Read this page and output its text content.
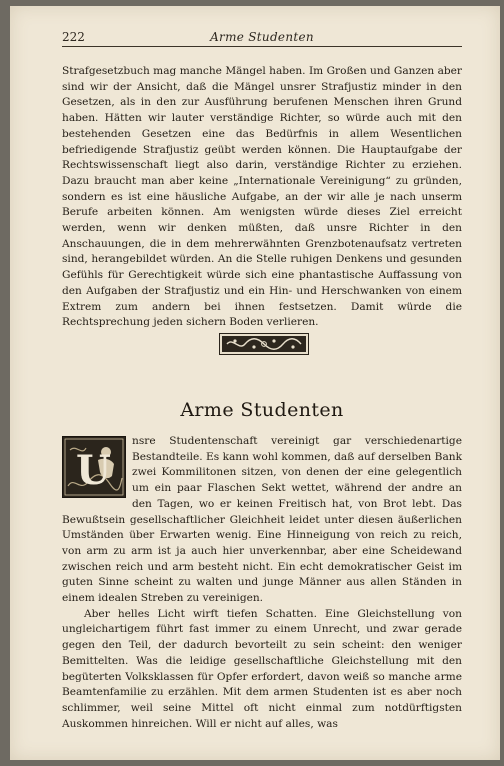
222	Arme Studenten
Strafgesetzbuch mag manche Mängel haben. Im Großen und Ganzen aber sind wir der Ansicht, daß die Mängel unsrer Strafjustiz minder in den Gesetzen, als in den zur Ausführung berufenen Menschen ihren Grund haben. Hätten wir lauter verständige Richter, so würde auch mit den bestehenden Gesetzen eine das Bedürfnis in allem Wesentlichen befriedigende Strafjustiz geübt werden können. Die Hauptaufgabe der Rechtswissenschaft liegt also darin, verständige Richter zu erziehen. Dazu braucht man aber keine „Internationale Vereinigung“ zu gründen, sondern es ist eine häusliche Aufgabe, an der wir alle je nach unserm Berufe arbeiten können. Am wenigsten würde dieses Ziel erreicht werden, wenn wir denken müßten, daß unsre Richter in den Anschauungen, die in dem mehrerwähnten Grenzbotenaufsatz vertreten sind, herangebildet würden. An die Stelle ruhigen Denkens und gesunden Gefühls für Gerechtigkeit würde sich eine phantastische Auffassung von den Aufgaben der Strafjustiz und ein Hin- und Herschwanken von einem Extrem zum andern bei ihnen festsetzen. Damit würde die Rechtsprechung jeden sichern Boden verlieren.
Arme Studenten
U

nsre Studentenschaft vereinigt gar verschiedenartige Bestandteile. Es kann wohl kommen, daß auf derselben Bank zwei Kommilitonen sitzen, von denen der eine gelegentlich um ein paar Flaschen Sekt wettet, während der andre an den Tagen, wo er keinen Freitisch hat, von Brot lebt. Das Bewußtsein gesellschaftlicher Gleichheit leidet unter diesen äußerlichen Umständen über Erwarten wenig. Eine Hinneigung von reich zu reich, von arm zu arm ist ja auch hier unverkennbar, aber eine Scheidewand zwischen reich und arm besteht nicht. Ein echt demokratischer Geist im guten Sinne scheint zu walten und junge Männer aus allen Ständen in einem idealen Streben zu vereinigen.

Aber helles Licht wirft tiefen Schatten. Eine Gleichstellung von ungleichartigem führt fast immer zu einem Unrecht, und zwar gerade gegen den Teil, der dadurch bevorteilt zu sein scheint: den weniger Bemittelten. Was die leidige gesellschaftliche Gleichstellung mit den begüterten Volksklassen für Opfer erfordert, davon weiß so manche arme Beamtenfamilie zu erzählen. Mit dem armen Studenten ist es aber noch schlimmer, weil seine Mittel oft nicht einmal zum notdürftigsten Auskommen hinreichen. Will er nicht auf alles, was
